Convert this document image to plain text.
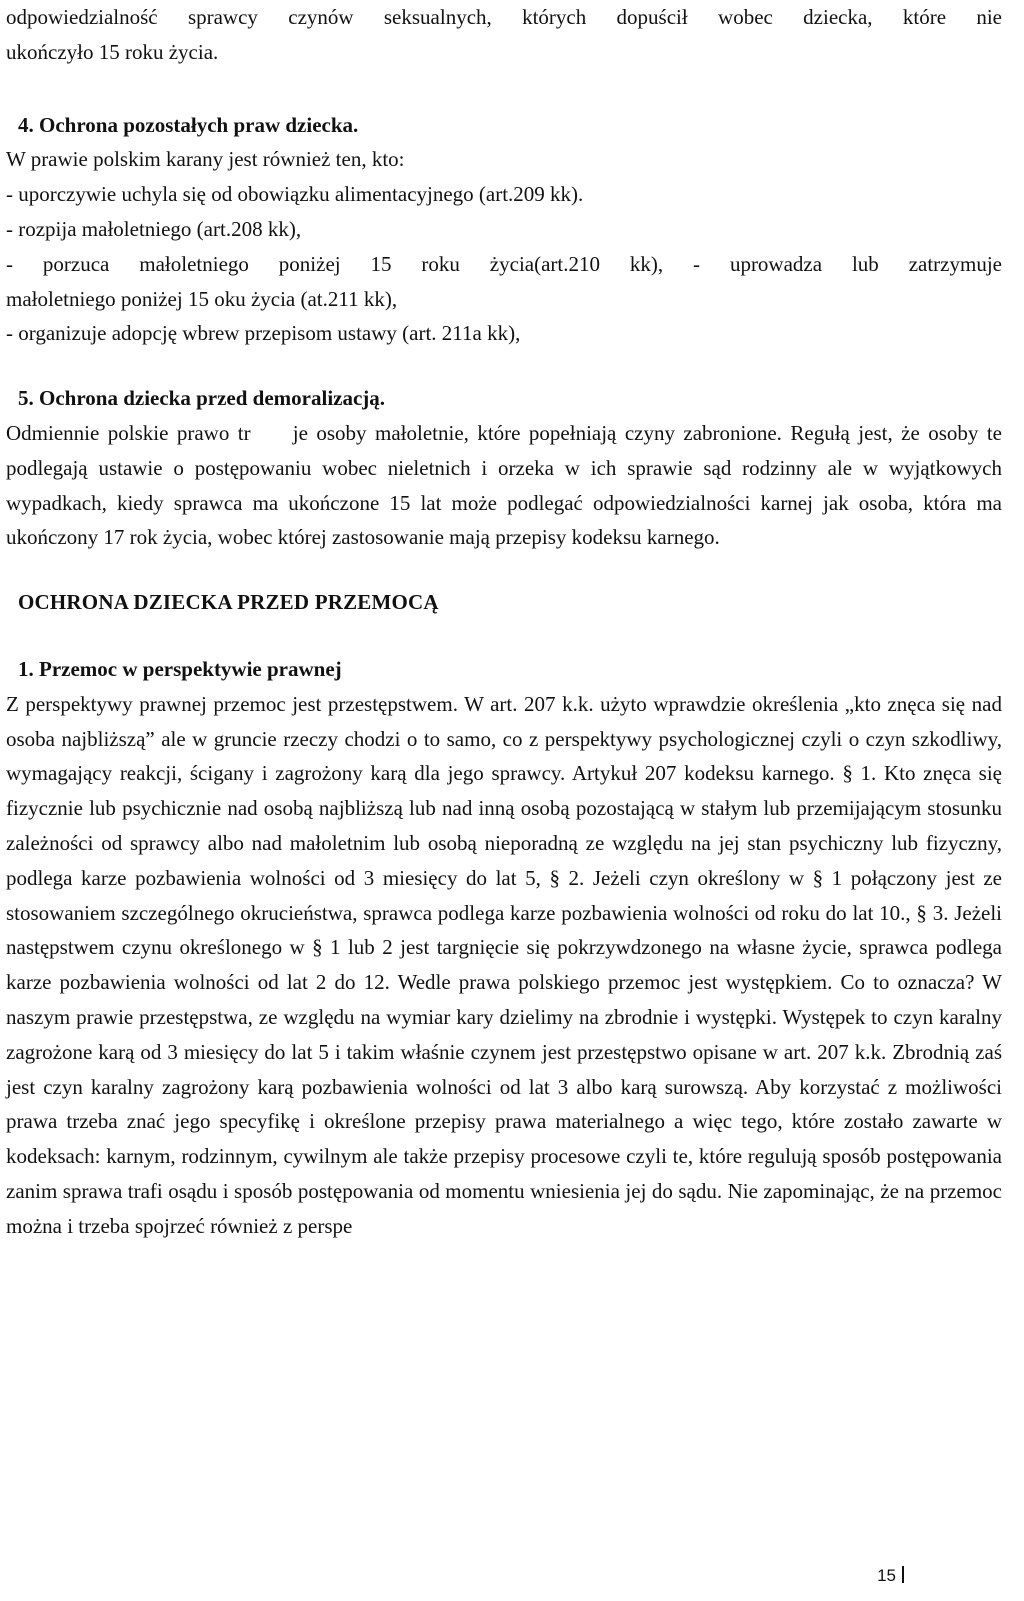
odpowiedzialność sprawcy czynów seksualnych, których dopuścił wobec dziecka, które nie

ukończyło 15 roku życia.

4. Ochrona pozostałych praw dziecka.

W prawie polskim karany jest również ten, kto:
- uporczywie uchyla się od obowiązku alimentacyjnego (art.209 kk).
- rozpija małoletniego (art.208 kk),

- porzuca małoletniego poniżej 15 roku życia(art.210 kk), - uprowadza lub zatrzymuje

małoletniego poniżej 15 oku życia (at.211 kk),
- organizuje adopcję wbrew przepisom ustawy (art. 211a kk),

5. Ochrona dziecka przed demoralizacją.

Odmiennie polskie prawo tr     je osoby małoletnie, które popełniają czyny zabronione. Regułą jest, że osoby te podlegają ustawie o postępowaniu wobec nieletnich i orzeka w ich sprawie sąd rodzinny ale w wyjątkowych wypadkach, kiedy sprawca ma ukończone 15 lat może podlegać odpowiedzialności karnej jak osoba, która ma ukończony 17 rok życia, wobec której zastosowanie mają przepisy kodeksu karnego.

OCHRONA DZIECKA PRZED PRZEMOCĄ

1. Przemoc w perspektywie prawnej

Z perspektywy prawnej przemoc jest przestępstwem. W art. 207 k.k. użyto wprawdzie określenia „kto znęca się nad osoba najbliższą” ale w gruncie rzeczy chodzi o to samo, co z perspektywy psychologicznej czyli o czyn szkodliwy, wymagający reakcji, ścigany i zagrożony karą dla jego sprawcy. Artykuł 207 kodeksu karnego. § 1. Kto znęca się fizycznie lub psychicznie nad osobą najbliższą lub nad inną osobą pozostającą w stałym lub przemijającym stosunku zależności od sprawcy albo nad małoletnim lub osobą nieporadną ze względu na jej stan psychiczny lub fizyczny, podlega karze pozbawienia wolności od 3 miesięcy do lat 5, § 2. Jeżeli czyn określony w § 1 połączony jest ze stosowaniem szczególnego okrucieństwa, sprawca podlega karze pozbawienia wolności od roku do lat 10., § 3. Jeżeli następstwem czynu określonego w § 1 lub 2 jest targnięcie się pokrzywdzonego na własne życie, sprawca podlega karze pozbawienia wolności od lat 2 do 12. Wedle prawa polskiego przemoc jest występkiem. Co to oznacza? W naszym prawie przestępstwa, ze względu na wymiar kary dzielimy na zbrodnie i występki. Występek to czyn karalny zagrożone karą od 3 miesięcy do lat 5 i takim właśnie czynem jest przestępstwo opisane w art. 207 k.k. Zbrodnią zaś jest czyn karalny zagrożony karą pozbawienia wolności od lat 3 albo karą surowszą. Aby korzystać z możliwości prawa trzeba znać jego specyfikę i określone przepisy prawa materialnego a więc tego, które zostało zawarte w kodeksach: karnym, rodzinnym, cywilnym ale także przepisy procesowe czyli te, które regulują sposób postępowania zanim sprawa trafi osądu i sposób postępowania od momentu wniesienia jej do sądu. Nie zapominając, że na przemoc można i trzeba spojrzeć również z perspe

15
